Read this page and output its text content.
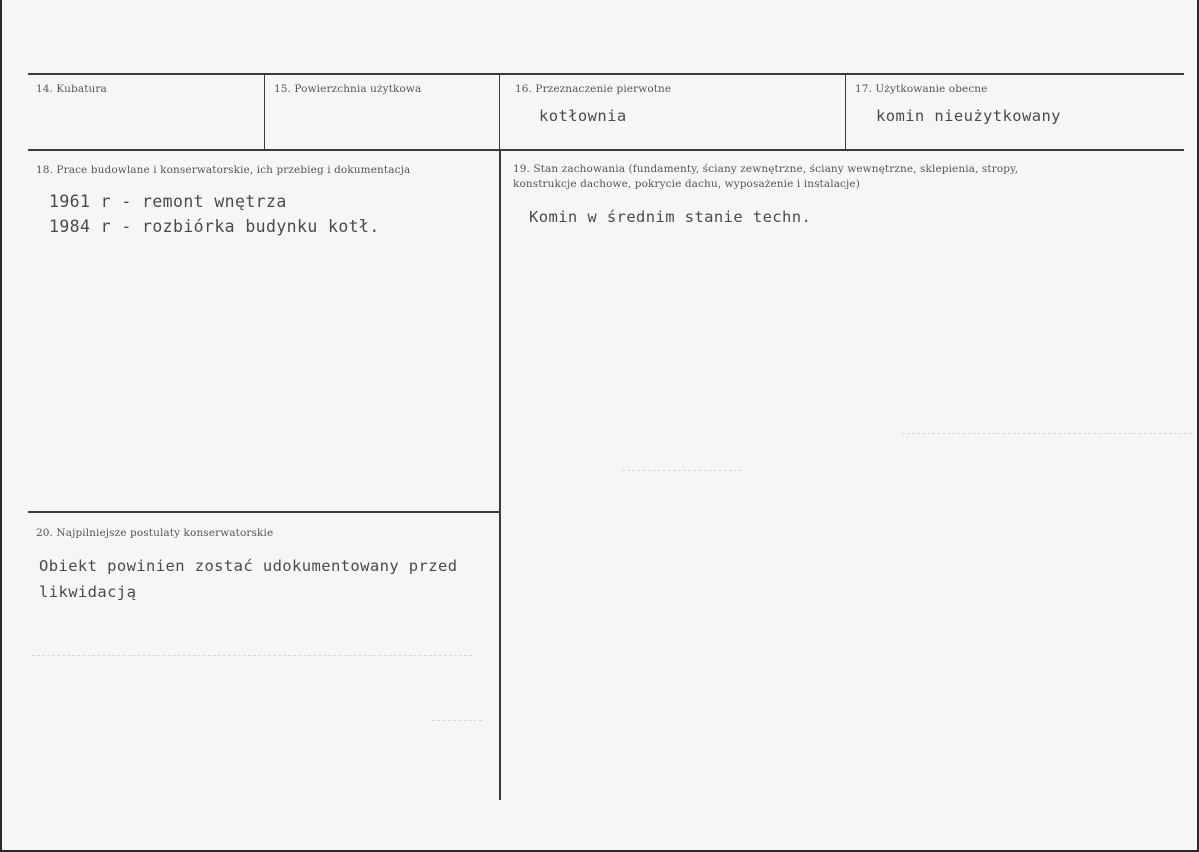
14. Kubatura	15. Powierzchnia użytkowa	16. Przeznaczenie pierwotne
kotłownia
17. Użytkowanie obecne
komin nieużytkowany
18. Prace budowlane i konserwatorskie, ich przebieg i dokumentacja
1961 r - remont wnętrza
1984 r - rozbiórka budynku kotł.
19. Stan zachowania (fundamenty, ściany zewnętrzne, ściany wewnętrzne, sklepienia, stropy,
konstrukcje dachowe, pokrycie dachu, wyposażenie i instalacje)
Komin w średnim stanie techn.
20. Najpilniejsze postulaty konserwatorskie
Obiekt powinien zostać udokumentowany przed
likwidacją
